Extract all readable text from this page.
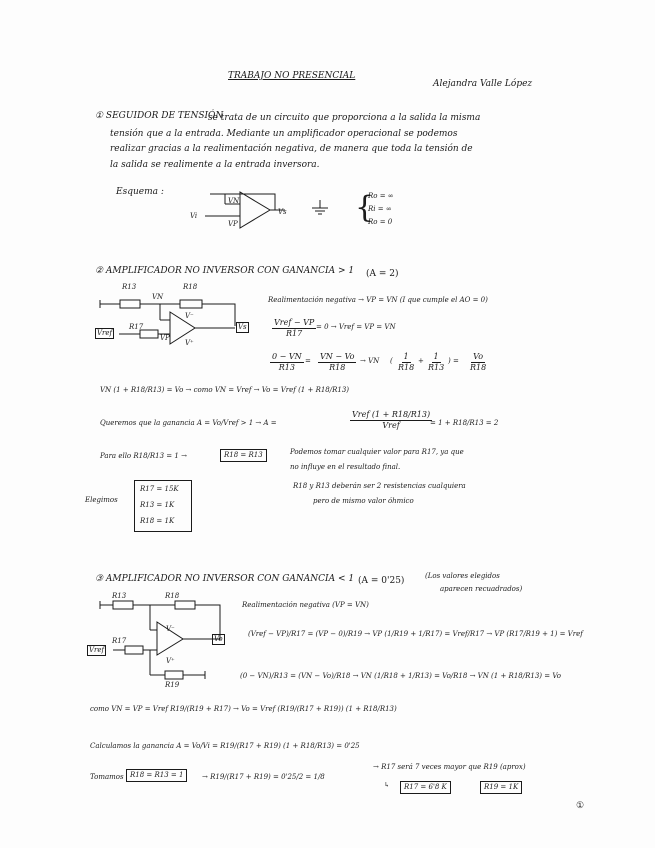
TRABAJO NO PRESENCIAL
Alejandra Valle López
① SEGUIDOR DE TENSIÓN
se trata de un circuito que proporciona a la salida la misma
tensión que a la entrada. Mediante un amplificador operacional se podemos
realizar gracias a la realimentación negativa, de manera que toda la tensión de
la salida se realimente a la entrada inversora.
Esquema :
VN
VP
Vi	Vs {
Ro = ∞
Ri = ∞
Ro = 0
② AMPLIFICADOR NO INVERSOR CON GANANCIA > 1 (A = 2)
R13	R18
VN
R17
VP
Vref
Vs
V⁻
V⁺
Realimentación negativa → VP = VN (I que cumple el AO = 0)
Vref − VP
R17
= 0 → Vref = VP = VN
$\frac{0 - VN}{R13} = \frac{VN - Vo}{R18}$ → VN ( $\frac{1}{R18} + \frac{1}{R13}$ ) = $\frac{Vo}{R18}$
VN (1 + R18/R13) = Vo → como VN = Vref → Vo = Vref (1 + R18/R13)
Queremos que la ganancia A = Vo/Vref > 1 → A =
Vref (1 + R18/R13)
Vref	= 1 + R18/R13 = 2
Para ello R18/R13 = 1 →	R18 = R13	Podemos tomar cualquier valor para R17, ya que
no influye en el resultado final.
R18 y R13 deberán ser 2 resistencias cualquiera
pero de mismo valor óhmico
Elegimos
R17 = 15K
R13 = 1K
R18 = 1K
③ AMPLIFICADOR NO INVERSOR CON GANANCIA < 1 (A = 0'25)	(Los valores elegidos
aparecen recuadrados)
R13	R18
R17
R19
Vref
Vo
V⁻
V⁺
Realimentación negativa (VP = VN)
(Vref − VP)/R17 = (VP − 0)/R19 → VP (1/R19 + 1/R17) = Vref/R17 → VP (R17/R19 + 1) = Vref
(0 − VN)/R13 = (VN − Vo)/R18 → VN (1/R18 + 1/R13) = Vo/R18 → VN (1 + R18/R13) = Vo
como VN = VP = Vref R19/(R19 + R17) → Vo = Vref (R19/(R17 + R19)) (1 + R18/R13)
Calculamos la ganancia A = Vo/Vi = R19/(R17 + R19) (1 + R18/R13) = 0'25
Tomamos R18 = R13 = 1	→ R19/(R17 + R19) = 0'25/2 = 1/8
→ R17 será 7 veces mayor que R19 (aprox)
↳	R17 = 6'8 K	R19 = 1K
①
